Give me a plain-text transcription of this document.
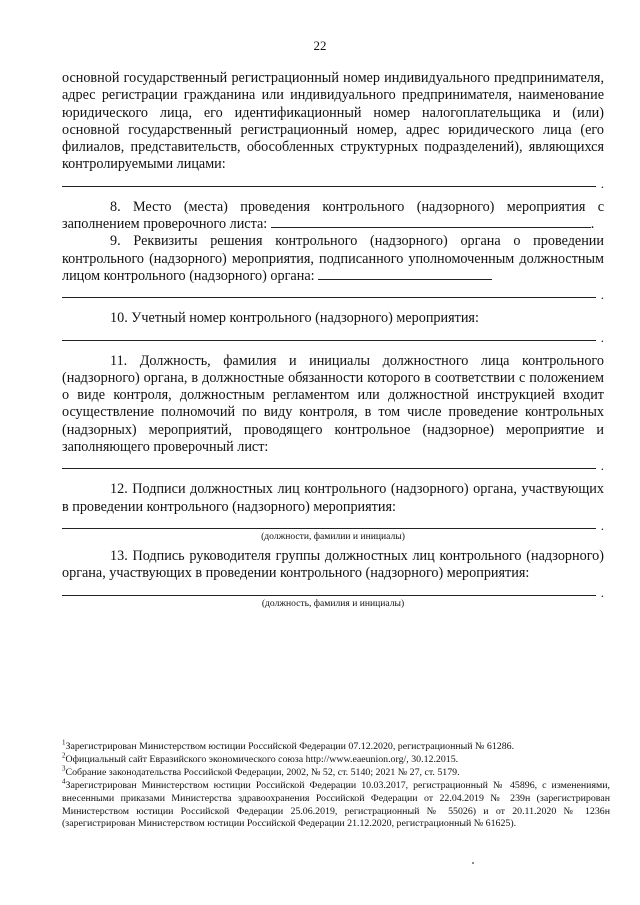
22

основной государственный регистрационный номер индивидуального предпринимателя, адрес регистрации гражданина или индивидуального предпринимателя, наименование юридического лица, его идентификационный номер налогоплательщика и (или) основной государственный регистрационный номер, адрес юридического лица (его филиалов, представительств, обособленных структурных подразделений), являющихся контролируемыми лицами:

.

8. Место (места) проведения контрольного (надзорного) мероприятия с заполнением проверочного листа:	.

9. Реквизиты решения контрольного (надзорного) органа о проведении контрольного (надзорного) мероприятия, подписанного уполномоченным должностным лицом контрольного (надзорного) органа:

.

10. Учетный номер контрольного (надзорного) мероприятия:

.

11. Должность, фамилия и инициалы должностного лица контрольного (надзорного) органа, в должностные обязанности которого в соответствии с положением о виде контроля, должностным регламентом или должностной инструкцией входит осуществление полномочий по виду контроля, в том числе проведение контрольных (надзорных) мероприятий, проводящего контрольное (надзорное) мероприятие и заполняющего проверочный лист:

.

12. Подписи должностных лиц контрольного (надзорного) органа, участвующих в проведении контрольного (надзорного) мероприятия:

.
(должности, фамилии и инициалы)

13. Подпись руководителя группы должностных лиц контрольного (надзорного) органа, участвующих в проведении контрольного (надзорного) мероприятия:

.
(должность, фамилия и инициалы)

$^1$Зарегистрирован Министерством юстиции Российской Федерации 07.12.2020, регистрационный № 61286.

$^2$Официальный сайт Евразийского экономического союза http://www.eaeunion.org/, 30.12.2015.

$^3$Собрание законодательства Российской Федерации, 2002, № 52, ст. 5140; 2021 № 27, ст. 5179.

$^4$Зарегистрирован Министерством юстиции Российской Федерации 10.03.2017, регистрационный № 45896, с изменениями, внесенными приказами Министерства здравоохранения Российской Федерации от 22.04.2019 № 239н (зарегистрирован Министерством юстиции Российской Федерации 25.06.2019, регистрационный № 55026) и от 20.11.2020 № 1236н (зарегистрирован Министерством юстиции Российской Федерации 21.12.2020, регистрационный № 61625).
